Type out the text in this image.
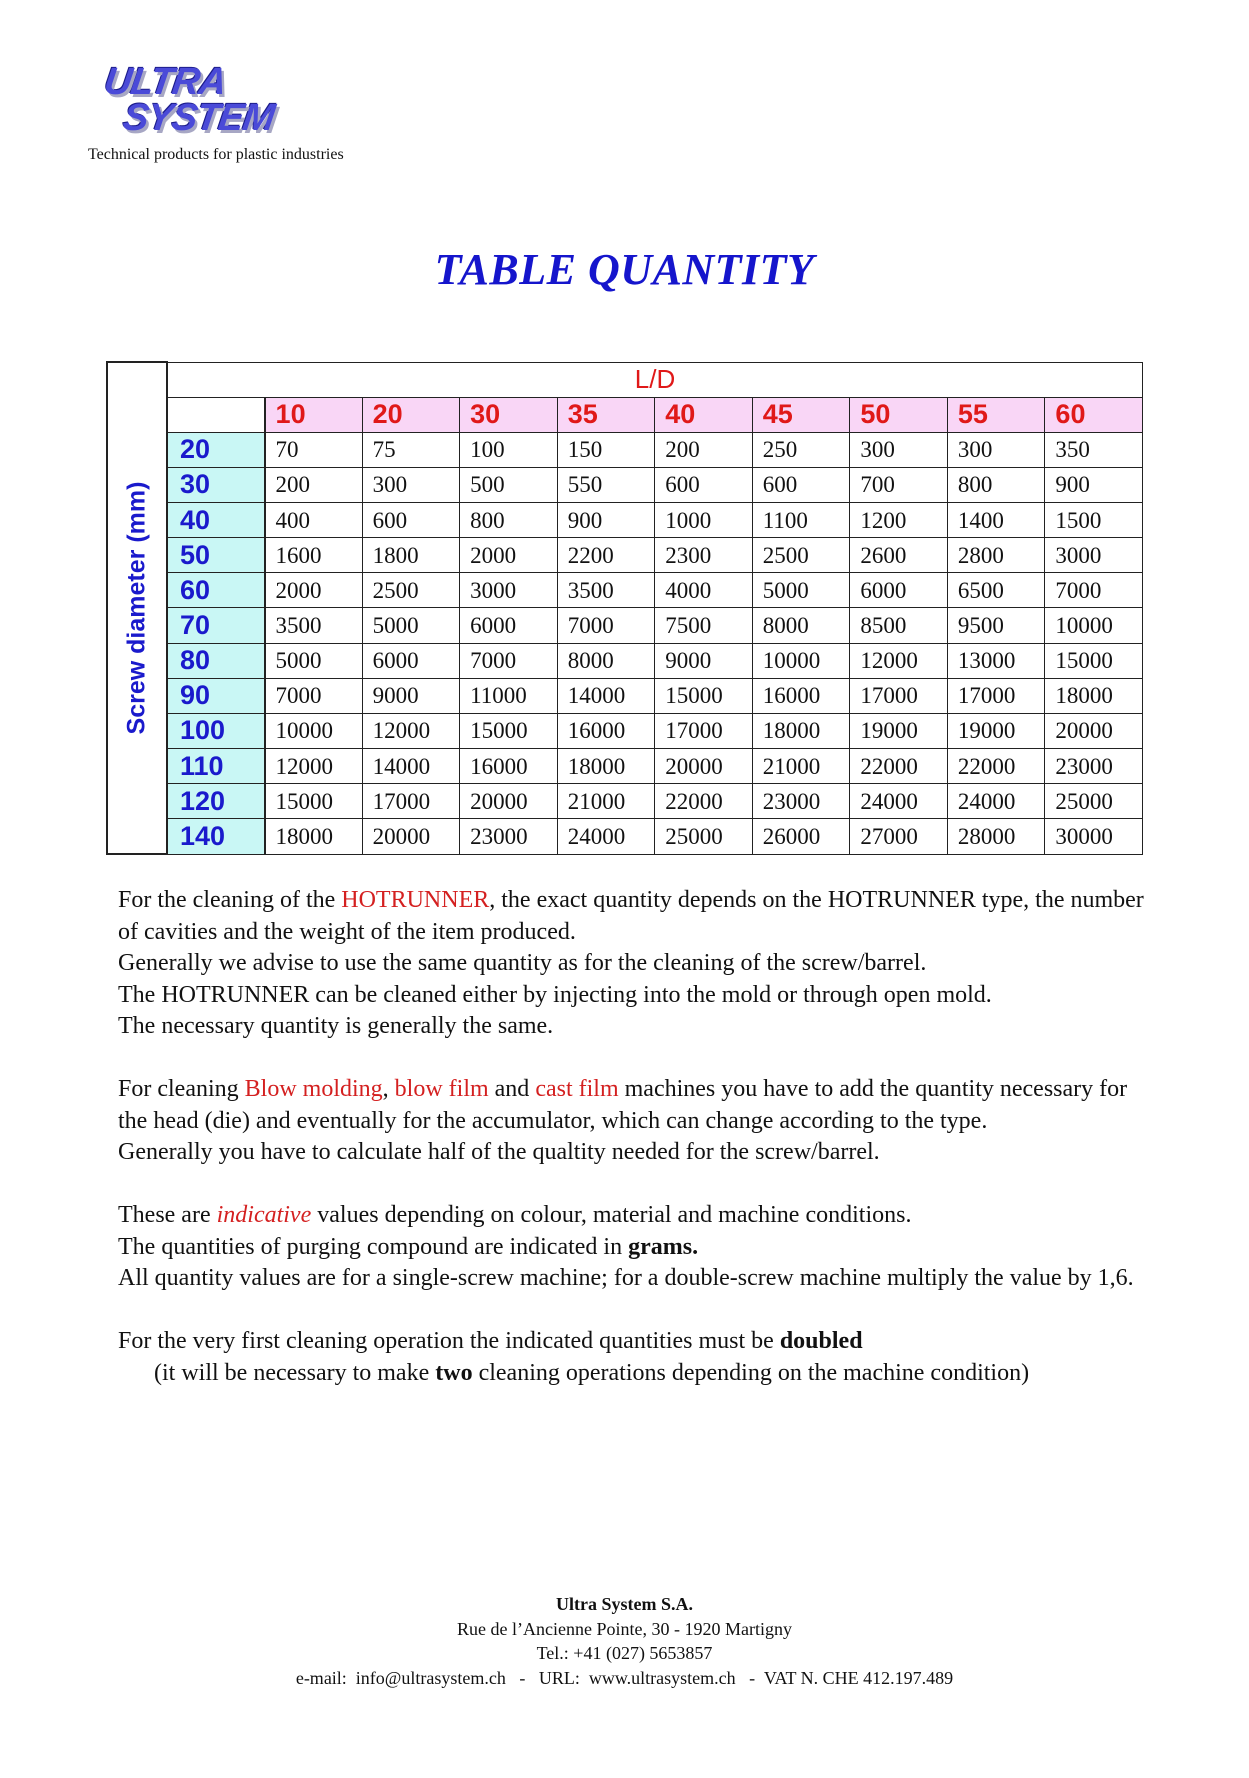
ULTRA
SYSTEM
Technical products for plastic industries
TABLE QUANTITY
Screw diameter (mm)	L/D									
		10	20	30	35	40	45	50	55	60
	20	70	75	100	150	200	250	300	300	350
	30	200	300	500	550	600	600	700	800	900
	40	400	600	800	900	1000	1100	1200	1400	1500
	50	1600	1800	2000	2200	2300	2500	2600	2800	3000
	60	2000	2500	3000	3500	4000	5000	6000	6500	7000
	70	3500	5000	6000	7000	7500	8000	8500	9500	10000
	80	5000	6000	7000	8000	9000	10000	12000	13000	15000
	90	7000	9000	11000	14000	15000	16000	17000	17000	18000
	100	10000	12000	15000	16000	17000	18000	19000	19000	20000
	110	12000	14000	16000	18000	20000	21000	22000	22000	23000
	120	15000	17000	20000	21000	22000	23000	24000	24000	25000
	140	18000	20000	23000	24000	25000	26000	27000	28000	30000

For the cleaning of the HOTRUNNER, the exact quantity depends on the HOTRUNNER type, the number of cavities and the weight of the item produced.
Generally we advise to use the same quantity as for the cleaning of the screw/barrel.
The HOTRUNNER can be cleaned either by injecting into the mold or through open mold.
The necessary quantity is generally the same.

For cleaning Blow molding, blow film and cast film machines you have to add the quantity necessary for the head (die) and eventually for the accumulator, which can change according to the type.
Generally you have to calculate half of the qualtity needed for the screw/barrel.

These are indicative values depending on colour, material and machine conditions.
The quantities of purging compound are indicated in grams.
All quantity values are for a single-screw machine; for a double-screw machine multiply the value by 1,6.

For the very first cleaning operation the indicated quantities must be doubled      (it will be necessary to make two cleaning operations depending on the machine condition)

Ultra System S.A.
Rue de l’Ancienne Pointe, 30 - 1920 Martigny
Tel.: +41 (027) 5653857
e-mail:  info@ultrasystem.ch   -   URL:  www.ultrasystem.ch   -  VAT N. CHE 412.197.489
